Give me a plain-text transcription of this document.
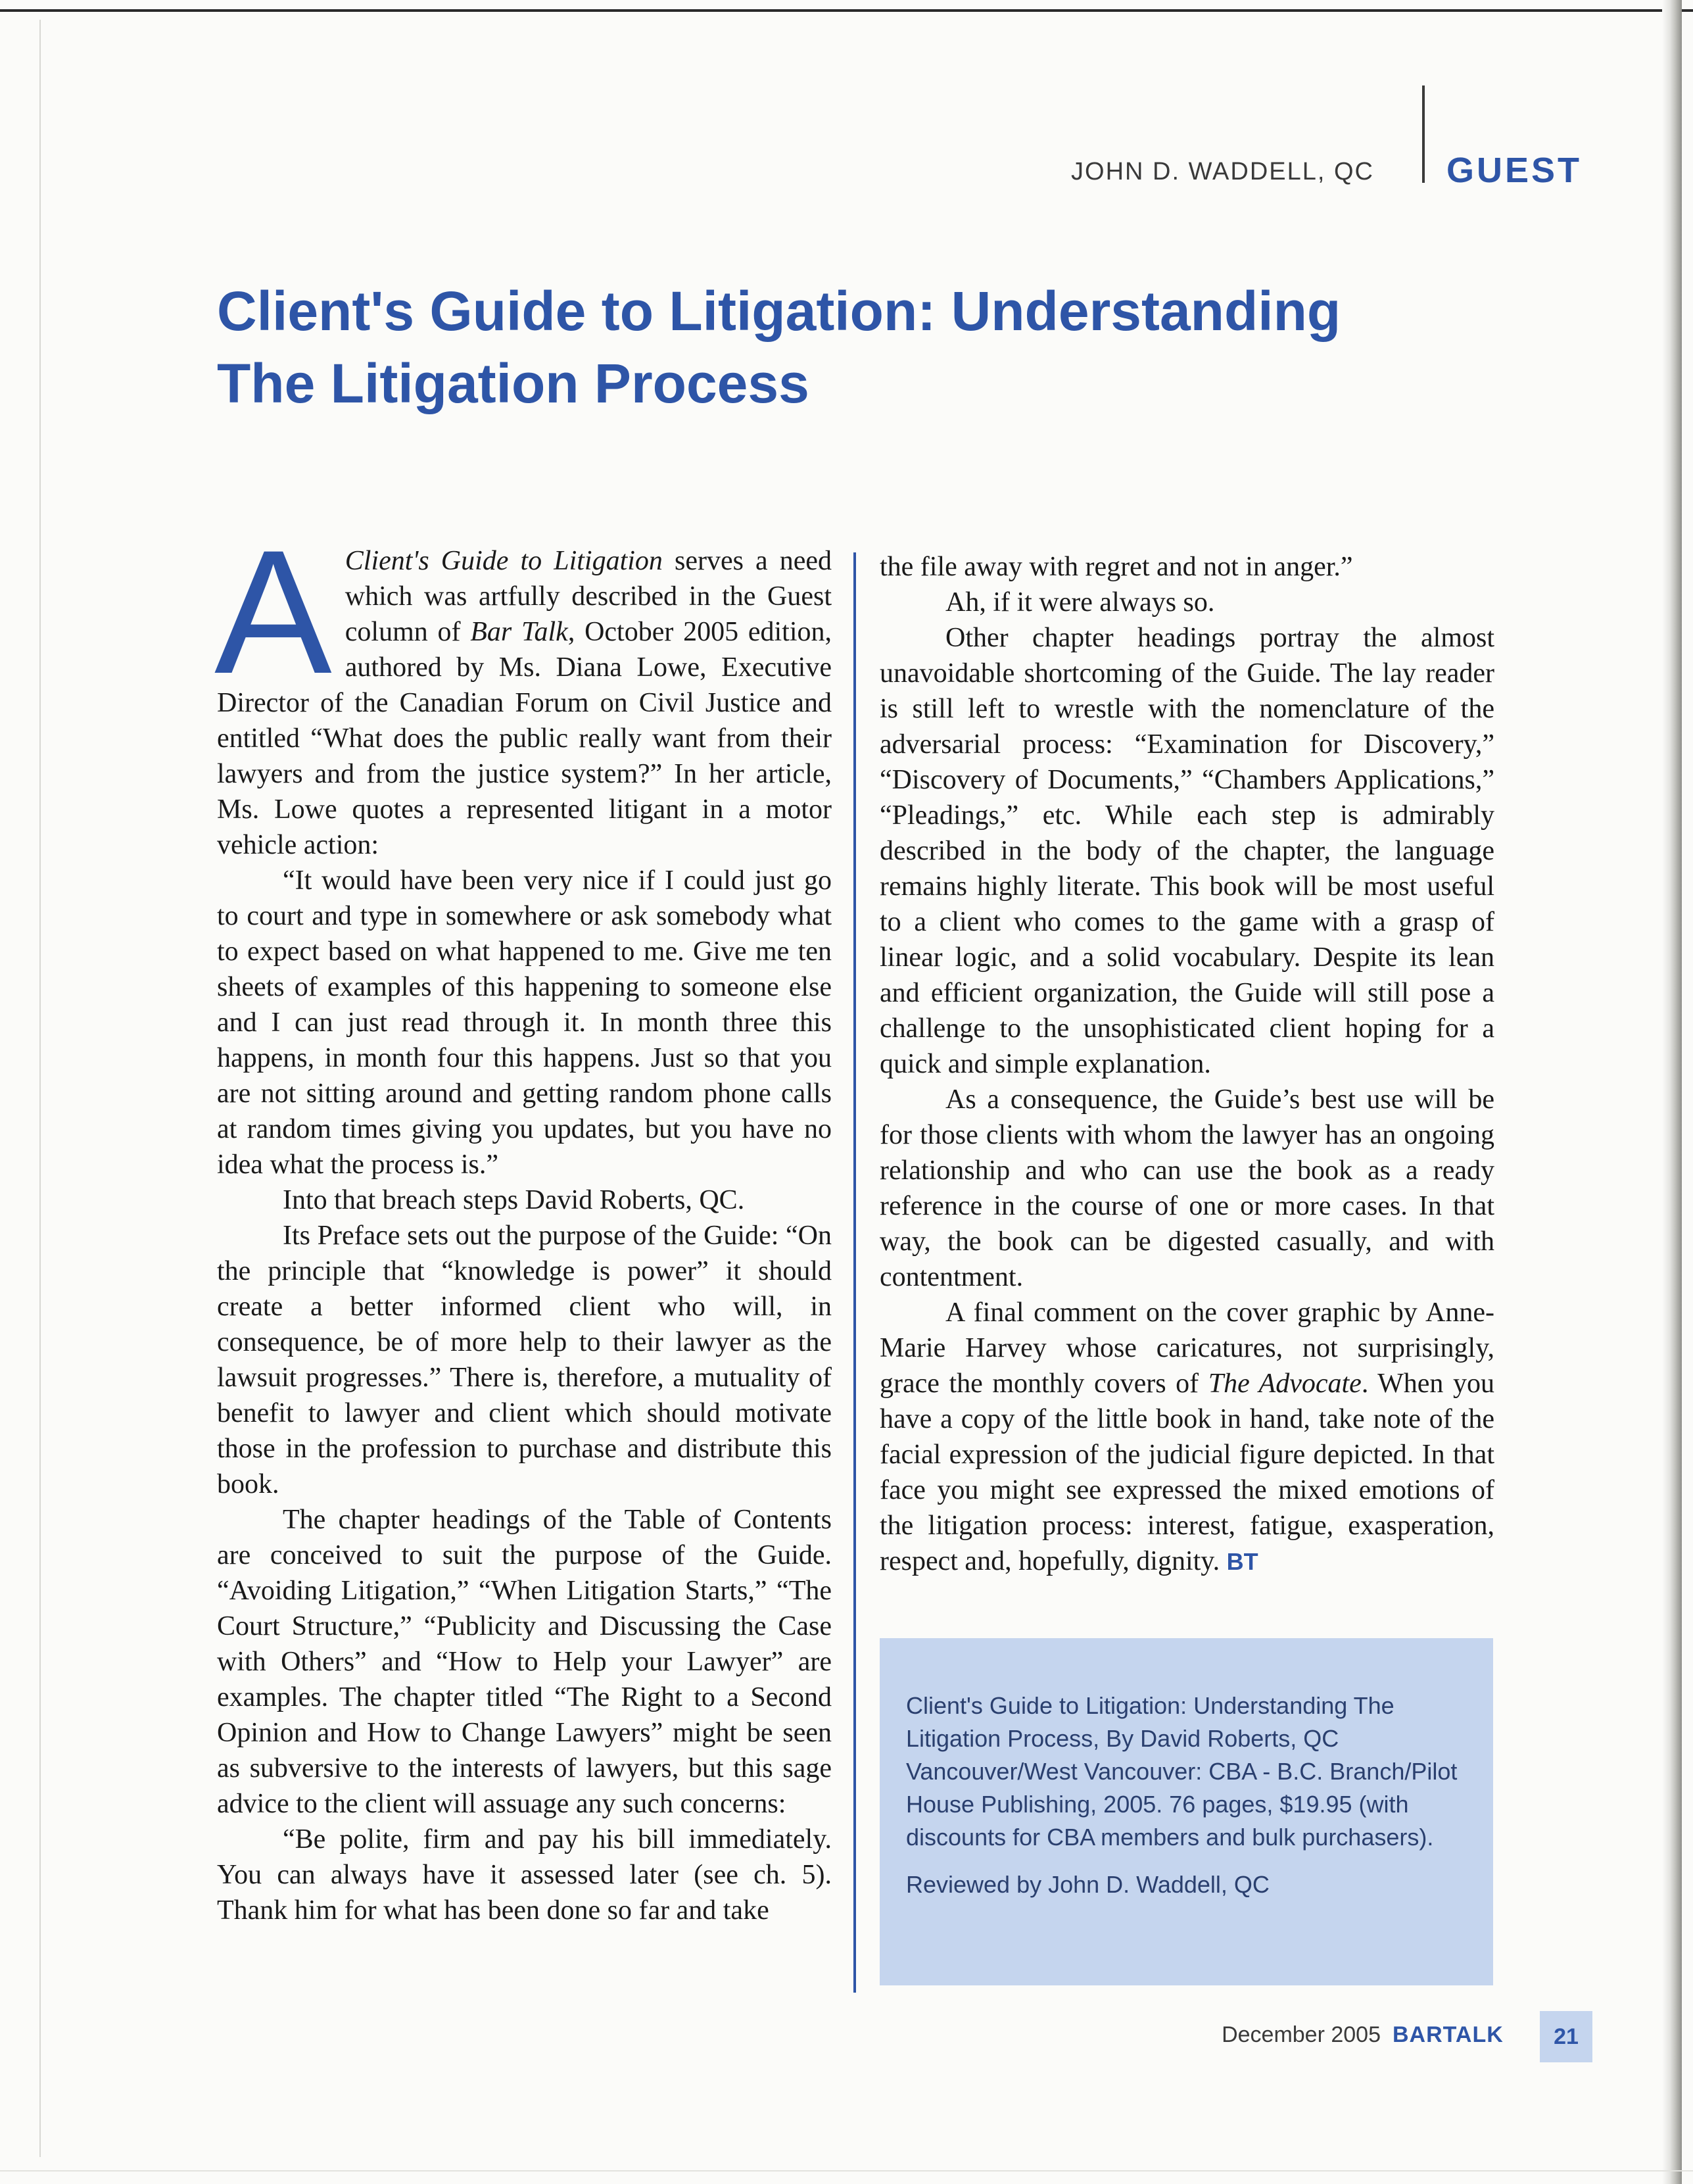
JOHN D. WADDELL, QC GUEST
Client's Guide to Litigation: Understanding
The Litigation Process

A Client's Guide to Litigation serves a need which was artfully described in the Guest column of Bar Talk, October 2005 edition, authored by Ms. Diana Lowe, Executive Director of the Canadian Forum on Civil Justice and entitled “What does the public really want from their lawyers and from the justice system?” In her article, Ms. Lowe quotes a represented litigant in a motor vehicle action:

“It would have been very nice if I could just go to court and type in somewhere or ask somebody what to expect based on what happened to me. Give me ten sheets of examples of this happening to someone else and I can just read through it. In month three this happens, in month four this happens. Just so that you are not sitting around and getting random phone calls at random times giving you updates, but you have no idea what the process is.”

Into that breach steps David Roberts, QC.

Its Preface sets out the purpose of the Guide: “On the principle that “knowledge is power” it should create a better informed client who will, in consequence, be of more help to their lawyer as the lawsuit progresses.” There is, therefore, a mutuality of benefit to lawyer and client which should motivate those in the profession to purchase and distribute this book.

The chapter headings of the Table of Contents are conceived to suit the purpose of the Guide. “Avoiding Litigation,” “When Litigation Starts,” “The Court Structure,” “Publicity and Discussing the Case with Others” and “How to Help your Lawyer” are examples. The chapter titled “The Right to a Second Opinion and How to Change Lawyers” might be seen as subversive to the interests of lawyers, but this sage advice to the client will assuage any such concerns:

“Be polite, firm and pay his bill immediately. You can always have it assessed later (see ch. 5). Thank him for what has been done so far and take

the file away with regret and not in anger.”

Ah, if it were always so.

Other chapter headings portray the almost unavoidable shortcoming of the Guide. The lay reader is still left to wrestle with the nomenclature of the adversarial process: “Examination for Discovery,” “Discovery of Documents,” “Chambers Applications,” “Pleadings,” etc. While each step is admirably described in the body of the chapter, the language remains highly literate. This book will be most useful to a client who comes to the game with a grasp of linear logic, and a solid vocabulary. Despite its lean and efficient organization, the Guide will still pose a challenge to the unsophisticated client hoping for a quick and simple explanation.

As a consequence, the Guide’s best use will be for those clients with whom the lawyer has an ongoing relationship and who can use the book as a ready reference in the course of one or more cases. In that way, the book can be digested casually, and with contentment.

A final comment on the cover graphic by Anne-Marie Harvey whose caricatures, not surprisingly, grace the monthly covers of The Advocate. When you have a copy of the little book in hand, take note of the facial expression of the judicial figure depicted. In that face you might see expressed the mixed emotions of the litigation process: interest, fatigue, exasperation, respect and, hopefully, dignity. BT

Client's Guide to Litigation: Understanding The Litigation Process, By David Roberts, QC Vancouver/West Vancouver: CBA - B.C. Branch/Pilot House Publishing, 2005. 76 pages, $19.95 (with discounts for CBA members and bulk purchasers).

Reviewed by John D. Waddell, QC

December 2005 BARTALK	21
